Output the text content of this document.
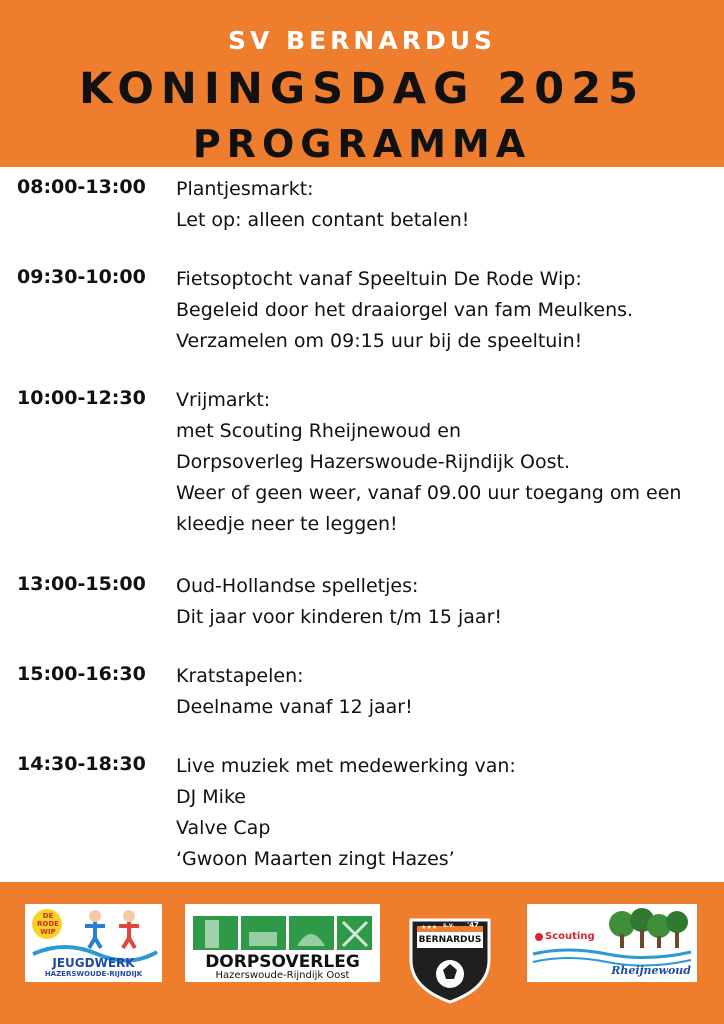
SV BERNARDUS
KONINGSDAG 2025
PROGRAMMA
08:00-13:00	Plantjesmarkt:
Let op: alleen contant betalen!
09:30-10:00	Fietsoptocht vanaf Speeltuin De Rode Wip:
Begeleid door het draaiorgel van fam Meulkens.
Verzamelen om 09:15 uur bij de speeltuin!
10:00-12:30	Vrijmarkt:
met Scouting Rheijnewoud en
Dorpsoverleg Hazerswoude-Rijndijk Oost.
Weer of geen weer, vanaf 09.00 uur toegang om een
kleedje neer te leggen!
13:00-15:00	Oud-Hollandse spelletjes:
Dit jaar voor kinderen t/m 15 jaar!
15:00-16:30	Kratstapelen:
Deelname vanaf 12 jaar!
14:30-18:30	Live muziek met medewerking van:
DJ Mike
Valve Cap
‘Gwoon Maarten zingt Hazes’
DE RODE WIP
JEUGDWERK
HAZERSWOUDE-RIJNDIJK
DORPSOVERLEG
Hazerswoude-Rijndijk Oost
★★★ s.v. '47
BERNARDUS	Scouting
Rheijnewoud
